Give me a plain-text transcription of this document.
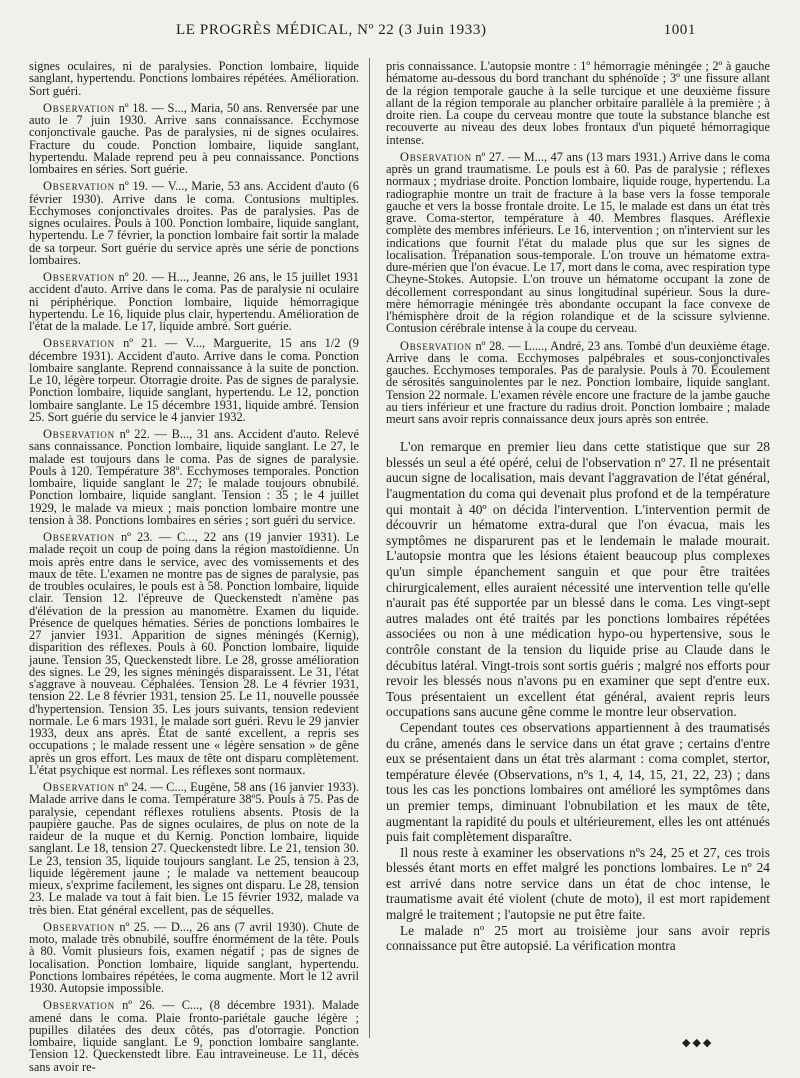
LE PROGRÈS MÉDICAL, Nº 22 (3 Juin 1933)	1001

signes oculaires, ni de paralysies. Ponction lombaire, liquide sanglant, hypertendu. Ponctions lombaires répétées. Amélioration. Sort guéri.

Observation nº 18. — S..., Maria, 50 ans. Renversée par une auto le 7 juin 1930. Arrive sans connaissance. Ecchymose conjonctivale gauche. Pas de paralysies, ni de signes oculaires. Fracture du coude. Ponction lombaire, liquide sanglant, hypertendu. Malade reprend peu à peu connaissance. Ponctions lombaires en séries. Sort guérie.

Observation nº 19. — V..., Marie, 53 ans. Accident d'auto (6 février 1930). Arrive dans le coma. Contusions multiples. Ecchymoses conjonctivales droites. Pas de paralysies. Pas de signes oculaires. Pouls à 100. Ponction lombaire, liquide sanglant, hypertendu. Le 7 février, la ponction lombaire fait sortir la malade de sa torpeur. Sort guérie du service après une série de ponctions lombaires.

Observation nº 20. — H..., Jeanne, 26 ans, le 15 juillet 1931 accident d'auto. Arrive dans le coma. Pas de paralysie ni oculaire ni périphérique. Ponction lombaire, liquide hémorragique hypertendu. Le 16, liquide plus clair, hypertendu. Amélioration de l'état de la malade. Le 17, liquide ambré. Sort guérie.

Observation nº 21. — V..., Marguerite, 15 ans 1/2 (9 décembre 1931). Accident d'auto. Arrive dans le coma. Ponction lombaire sanglante. Reprend connaissance à la suite de ponction. Le 10, légère torpeur. Otorragie droite. Pas de signes de paralysie. Ponction lombaire, liquide sanglant, hypertendu. Le 12, ponction lombaire sanglante. Le 15 décembre 1931, liquide ambré. Tension 25. Sort guérie du service le 4 janvier 1932.

Observation nº 22. — B..., 31 ans. Accident d'auto. Relevé sans connaissance. Ponction lombaire, liquide sanglant. Le 27, le malade est toujours dans le coma. Pas de signes de paralysie. Pouls à 120. Température 38º. Ecchymoses temporales. Ponction lombaire, liquide sanglant le 27; le malade toujours obnubilé. Ponction lombaire, liquide sanglant. Tension : 35 ; le 4 juillet 1929, le malade va mieux ; mais ponction lombaire montre une tension à 38. Ponctions lombaires en séries ; sort guéri du service.

Observation nº 23. — C..., 22 ans (19 janvier 1931). Le malade reçoit un coup de poing dans la région mastoïdienne. Un mois après entre dans le service, avec des vomissements et des maux de tête. L'examen ne montre pas de signes de paralysie, pas de troubles oculaires, le pouls est à 58. Ponction lombaire, liquide clair. Tension 12. l'épreuve de Queckenstedt n'amène pas d'élévation de la pression au manomètre. Examen du liquide. Présence de quelques hématies. Séries de ponctions lombaires le 27 janvier 1931. Apparition de signes méningés (Kernig), disparition des réflexes. Pouls à 60. Ponction lombaire, liquide jaune. Tension 35, Queckenstedt libre. Le 28, grosse amélioration des signes. Le 29, les signes méningés disparaissent. Le 31, l'état s'aggrave à nouveau. Céphalées. Tension 28. Le 4 février 1931, tension 22. Le 8 février 1931, tension 25. Le 11, nouvelle poussée d'hypertension. Tension 35. Les jours suivants, tension redevient normale. Le 6 mars 1931, le malade sort guéri. Revu le 29 janvier 1933, deux ans après. État de santé excellent, a repris ses occupations ; le malade ressent une « légère sensation » de gêne après un gros effort. Les maux de tête ont disparu complètement. L'état psychique est normal. Les réflexes sont normaux.

Observation nº 24. — C..., Eugène, 58 ans (16 janvier 1933). Malade arrive dans le coma. Température 38º5. Pouls à 75. Pas de paralysie, cependant réflexes rotuliens absents. Ptosis de la paupière gauche. Pas de signes oculaires, de plus on note de la raideur de la nuque et du Kernig. Ponction lombaire, liquide sanglant. Le 18, tension 27. Queckenstedt libre. Le 21, tension 30. Le 23, tension 35, liquide toujours sanglant. Le 25, tension à 23, liquide légèrement jaune ; le malade va nettement beaucoup mieux, s'exprime facilement, les signes ont disparu. Le 28, tension 23. Le malade va tout à fait bien. Le 15 février 1932, malade va très bien. Etat général excellent, pas de séquelles.

Observation nº 25. — D..., 26 ans (7 avril 1930). Chute de moto, malade très obnubilé, souffre énormément de la tête. Pouls à 80. Vomit plusieurs fois, examen négatif ; pas de signes de localisation. Ponction lombaire, liquide sanglant, hypertendu. Ponctions lombaires répétées, le coma augmente. Mort le 12 avril 1930. Autopsie impossible.

Observation nº 26. — C..., (8 décembre 1931). Malade amené dans le coma. Plaie fronto-pariétale gauche légère ; pupilles dilatées des deux côtés, pas d'otorragie. Ponction lombaire, liquide sanglant. Le 9, ponction lombaire sanglante. Tension 12. Queckenstedt libre. Eau intraveineuse. Le 11, décès sans avoir re-

pris connaissance. L'autopsie montre : 1º hémorragie méningée ; 2º à gauche hématome au-dessous du bord tranchant du sphénoïde ; 3º une fissure allant de la région temporale gauche à la selle turcique et une deuxième fissure allant de la région temporale au plancher orbitaire parallèle à la première ; à droite rien. La coupe du cerveau montre que toute la substance blanche est recouverte au niveau des deux lobes frontaux d'un piqueté hémorragique intense.

Observation nº 27. — M..., 47 ans (13 mars 1931.) Arrive dans le coma après un grand traumatisme. Le pouls est à 60. Pas de paralysie ; réflexes normaux ; mydriase droite. Ponction lombaire, liquide rouge, hypertendu. La radiographie montre un trait de fracture à la base vers la fosse temporale gauche et vers la bosse frontale droite. Le 15, le malade est dans un état très grave. Coma-stertor, température à 40. Membres flasques. Aréflexie complète des membres inférieurs. Le 16, intervention ; on n'intervient sur les indications que fournit l'état du malade plus que sur les signes de localisation. Trépanation sous-temporale. L'on trouve un hématome extra-dure-mérien que l'on évacue. Le 17, mort dans le coma, avec respiration type Cheyne-Stokes. Autopsie. L'on trouve un hématome occupant la zone de décollement correspondant au sinus longitudinal supérieur. Sous la dure-mère hémorragie méningée très abondante occupant la face convexe de l'hémisphère droit de la région rolandique et de la scissure sylvienne. Contusion cérébrale intense à la coupe du cerveau.

Observation nº 28. — L...., André, 23 ans. Tombé d'un deuxième étage. Arrive dans le coma. Ecchymoses palpébrales et sous-conjonctivales gauches. Ecchymoses temporales. Pas de paralysie. Pouls à 70. Écoulement de sérosités sanguinolentes par le nez. Ponction lombaire, liquide sanglant. Tension 22 normale. L'examen révèle encore une fracture de la jambe gauche au tiers inférieur et une fracture du radius droit. Ponction lombaire ; malade meurt sans avoir repris connaissance deux jours après son entrée.

L'on remarque en premier lieu dans cette statistique que sur 28 blessés un seul a été opéré, celui de l'observation nº 27. Il ne présentait aucun signe de localisation, mais devant l'aggravation de l'état général, l'augmentation du coma qui devenait plus profond et de la température qui montait à 40º on décida l'intervention. L'intervention permit de découvrir un hématome extra-dural que l'on évacua, mais les symptômes ne disparurent pas et le lendemain le malade mourait. L'autopsie montra que les lésions étaient beaucoup plus complexes qu'un simple épanchement sanguin et que pour être traitées chirurgicalement, elles auraient nécessité une intervention telle qu'elle n'aurait pas été supportée par un blessé dans le coma. Les vingt-sept autres malades ont été traités par les ponctions lombaires répétées associées ou non à une médication hypo-ou hypertensive, sous le contrôle constant de la tension du liquide prise au Claude dans le décubitus latéral. Vingt-trois sont sortis guéris ; malgré nos efforts pour revoir les blessés nous n'avons pu en examiner que sept d'entre eux. Tous présentaient un excellent état général, avaient repris leurs occupations sans aucune gêne comme le montre leur observation.

Cependant toutes ces observations appartiennent à des traumatisés du crâne, amenés dans le service dans un état grave ; certains d'entre eux se présentaient dans un état très alarmant : coma complet, stertor, température élevée (Observations, nºs 1, 4, 14, 15, 21, 22, 23) ; dans tous les cas les ponctions lombaires ont amélioré les symptômes dans un premier temps, diminuant l'obnubilation et les maux de tête, augmentant la rapidité du pouls et ultérieurement, elles les ont atténués puis fait complètement disparaître.

Il nous reste à examiner les observations nºs 24, 25 et 27, ces trois blessés étant morts en effet malgré les ponctions lombaires. Le nº 24 est arrivé dans notre service dans un état de choc intense, le traumatisme avait été violent (chute de moto), il est mort rapidement malgré le traitement ; l'autopsie ne put être faite.

Le malade nº 25 mort au troisième jour sans avoir repris connaissance put être autopsié. La vérification montra

◆◆◆
